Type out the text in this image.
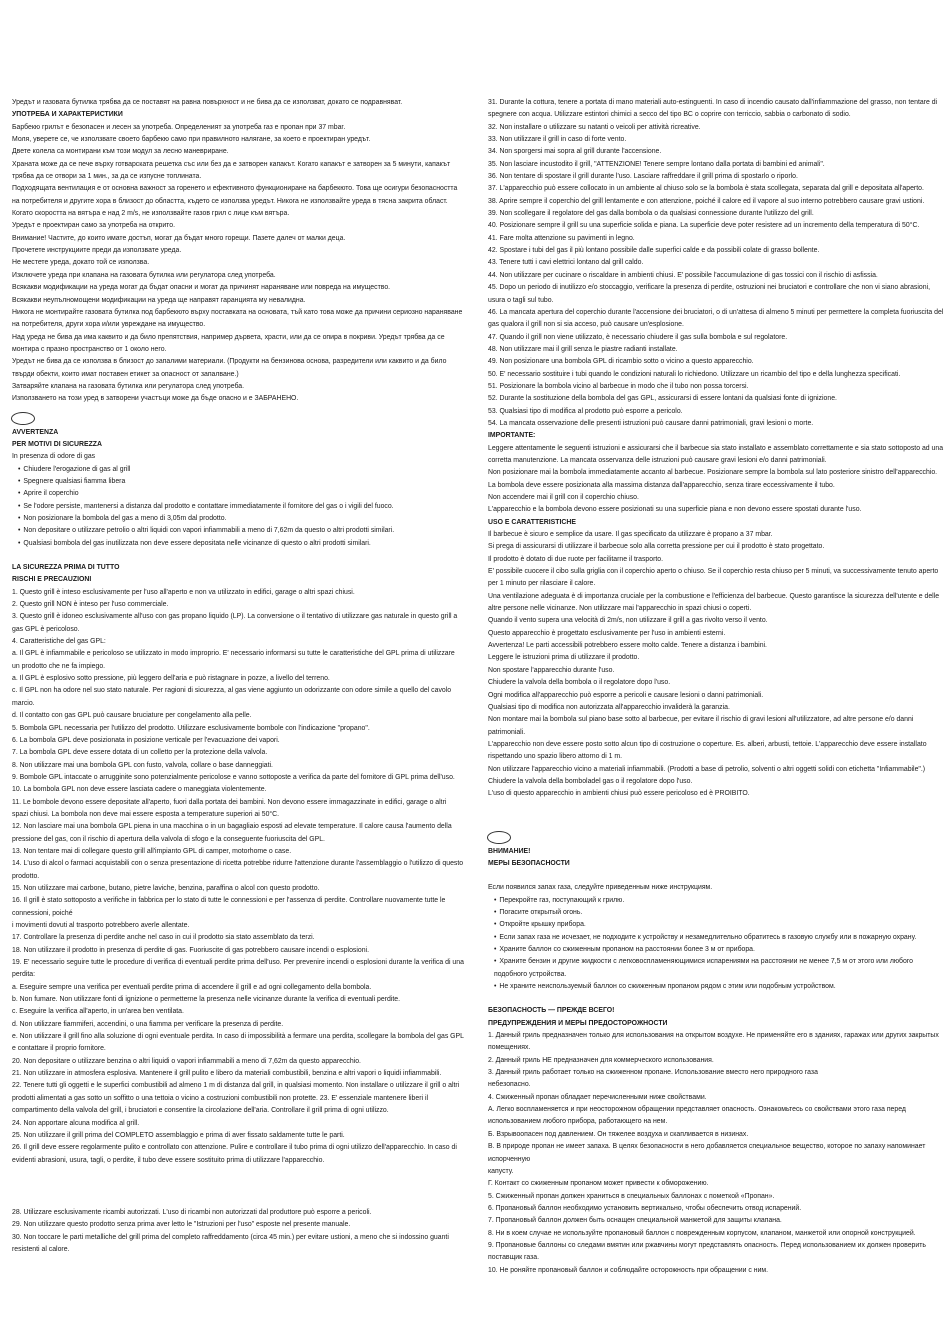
Уредът и газовата бутилка трябва да се поставят на равна повърхност и не бива да се използват, докато се подравняват.

УПОТРЕБА И ХАРАКТЕРИСТИКИ

Барбекю грилът е безопасен и лесен за употреба. Определеният за употреба газ е пропан при 37 mbar.

Моля, уверете се, че използвате своето барбекю само при правилното налягане, за което е проектиран уредът.

Двете колела са монтирани към този модул за лесно маневриране.

Храната може да се пече върху готварската решетка със или без да е затворен капакът. Когато капакът е затворен за 5 минути, капакът трябва да се отвори за 1 мин., за да се изпусне топлината.

Подходящата вентилация е от основна важност за горенето и ефективното функциониране на барбекюто. Това ще осигури безопасността на потребителя и другите хора в близост до областта, където се използва уредът. Никога не използвайте уреда в тясна закрита област.

Когато скоростта на вятъра е над 2 m/s, не използвайте газов грил с лице към вятъра.

Уредът е проектиран само за употреба на открито.

Внимание! Частите, до които имате достъп, могат да бъдат много горещи. Пазете далеч от малки деца.

Прочетете инструкциите преди да използвате уреда.

Не местете уреда, докато той се използва.

Изключете уреда при клапана на газовата бутилка или регулатора след употреба.

Всякакви модификации на уреда могат да бъдат опасни и могат да причинят нараняване или повреда на имущество.

Всякакви неупълномощени модификации на уреда ще направят гаранцията му невалидна.

Никога не монтирайте газовата бутилка под барбекюто върху поставката на основата, тъй като това може да причини сериозно нараняване на потребителя, други хора и/или увреждане на имущество.

Над уреда не бива да има каквито и да било препятствия, например дървета, храсти, или да се опира в покриви. Уредът трябва да се монтира с празно пространство от 1 около него.

Уредът не бива да се използва в близост до запалими материали. (Продукти на бензинова основа, разредители или каквито и да било твърди обекти, които имат поставен етикет за опасност от запалване.)

Затваряйте клапана на газовата бутилка или регулатора след употреба.

Използването на този уред в затворени участъци може да бъде опасно и е ЗАБРАНЕНО.

AVVERTENZA

PER MOTIVI DI SICUREZZA

In presenza di odore di gas

• Chiudere l'erogazione di gas al grill
• Spegnere qualsiasi fiamma libera
• Aprire il coperchio
• Se l'odore persiste, mantenersi a distanza dal prodotto e contattare immediatamente il fornitore del gas o i vigili del fuoco.
• Non posizionare la bombola del gas a meno di 3,05m dal prodotto.
• Non depositare o utilizzare petrolio o altri liquidi con vapori infiammabili a meno di 7,62m da questo o altri prodotti similari.
• Qualsiasi bombola del gas inutilizzata non deve essere depositata nelle vicinanze di questo o altri prodotti similari.

LA SICUREZZA PRIMA DI TUTTO

RISCHI E PRECAUZIONI

1. Questo grill è inteso esclusivamente per l'uso all'aperto e non va utilizzato in edifici, garage o altri spazi chiusi.

2. Questo grill NON è inteso per l'uso commerciale.

3. Questo grill è idoneo esclusivamente all'uso con gas propano liquido (LP). La conversione o il tentativo di utilizzare gas naturale in questo grill a gas GPL è pericoloso.

4. Caratteristiche del gas GPL:

a. Il GPL è infiammabile e pericoloso se utilizzato in modo improprio. E' necessario informarsi su tutte le caratteristiche del GPL prima di utilizzare un prodotto che ne fa impiego.

a. Il GPL è esplosivo sotto pressione, più leggero dell'aria e può ristagnare in pozze, a livello del terreno.

c. Il GPL non ha odore nel suo stato naturale. Per ragioni di sicurezza, al gas viene aggiunto un odorizzante con odore simile a quello del cavolo marcio.

d. Il contatto con gas GPL può causare bruciature per congelamento alla pelle.

5. Bombola GPL necessaria per l'utilizzo del prodotto. Utilizzare esclusivamente bombole con l'indicazione "propano".

6. La bombola GPL deve posizionata in posizione verticale per l'evacuazione dei vapori.

7. La bombola GPL deve essere dotata di un colletto per la protezione della valvola.

8. Non utilizzare mai una bombola GPL con fusto, valvola, collare o base danneggiati.

9. Bombole GPL intaccate o arrugginite sono potenzialmente pericolose e vanno sottoposte a verifica da parte del fornitore di GPL prima dell'uso.

10. La bombola GPL non deve essere lasciata cadere o maneggiata violentemente.

11. Le bombole devono essere depositate all'aperto, fuori dalla portata dei bambini. Non devono essere immagazzinate in edifici, garage o altri spazi chiusi. La bombola non deve mai essere esposta a temperature superiori ai 50°C.

12. Non lasciare mai una bombola GPL piena in una macchina o in un bagagliaio esposti ad elevate temperature. Il calore causa l'aumento della pressione del gas, con il rischio di apertura della valvola di sfogo e la conseguente fuoriuscita del GPL.

13. Non tentare mai di collegare questo grill all'impianto GPL di camper, motorhome o case.

14. L'uso di alcol o farmaci acquistabili con o senza presentazione di ricetta potrebbe ridurre l'attenzione durante l'assemblaggio o l'utilizzo di questo prodotto.

15. Non utilizzare mai carbone, butano, pietre laviche, benzina, paraffina o alcol con questo prodotto.

16. Il grill è stato sottoposto a verifiche in fabbrica per lo stato di tutte le connessioni e per l'assenza di perdite. Controllare nuovamente tutte le connessioni, poiché

i movimenti dovuti al trasporto potrebbero averle allentate.

17. Controllare la presenza di perdite anche nel caso in cui il prodotto sia stato assemblato da terzi.

18. Non utilizzare il prodotto in presenza di perdite di gas. Fuoriuscite di gas potrebbero causare incendi o esplosioni.

19. E' necessario seguire tutte le procedure di verifica di eventuali perdite prima dell'uso. Per prevenire incendi o esplosioni durante la verifica di una perdita:

a. Eseguire sempre una verifica per eventuali perdite prima di accendere il grill e ad ogni collegamento della bombola.

b. Non fumare. Non utilizzare fonti di ignizione o permetterne la presenza nelle vicinanze durante la verifica di eventuali perdite.

c. Eseguire la verifica all'aperto, in un'area ben ventilata.

d. Non utilizzare fiammiferi, accendini, o una fiamma per verificare la presenza di perdite.

e. Non utilizzare il grill fino alla soluzione di ogni eventuale perdita. In caso di impossibilità a fermare una perdita, scollegare la bombola del gas GPL e contattare il proprio fornitore.

20. Non depositare o utilizzare benzina o altri liquidi o vapori infiammabili a meno di 7,62m da questo apparecchio.

21. Non utilizzare in atmosfera esplosiva. Mantenere il grill pulito e libero da materiali combustibili, benzina e altri vapori o liquidi infiammabili.

22. Tenere tutti gli oggetti e le superfici combustibili ad almeno 1 m di distanza dal grill, in qualsiasi momento. Non installare o utilizzare il grill o altri prodotti alimentati a gas sotto un soffitto o una tettoia o vicino a costruzioni combustibili non protette. 23. E' essenziale mantenere liberi il compartimento della valvola del grill, i bruciatori e consentire la circolazione dell'aria. Controllare il grill prima di ogni utilizzo.

24. Non apportare alcuna modifica al grill.

25. Non utilizzare il grill prima del COMPLETO assemblaggio e prima di aver fissato saldamente tutte le parti.

26. Il grill deve essere regolarmente pulito e controllato con attenzione. Pulire e controllare il tubo prima di ogni utilizzo dell'apparecchio. In caso di evidenti abrasioni, usura, tagli, o perdite, il tubo deve essere sostituito prima di utilizzare l'apparecchio.

28. Utilizzare esclusivamente ricambi autorizzati. L'uso di ricambi non autorizzati dal produttore può esporre a pericoli.

29. Non utilizzare questo prodotto senza prima aver letto le "Istruzioni per l'uso" esposte nel presente manuale.

30. Non toccare le parti metalliche del grill prima del completo raffreddamento (circa 45 min.) per evitare ustioni, a meno che si indossino guanti resistenti al calore.

31. Durante la cottura, tenere a portata di mano materiali auto-estinguenti. In caso di incendio causato dall'infiammazione del grasso, non tentare di spegnere con acqua. Utilizzare estintori chimici a secco del tipo BC o coprire con terriccio, sabbia o carbonato di sodio.

32. Non installare o utilizzare su natanti o veicoli per attività ricreative.

33. Non utilizzare il grill in caso di forte vento.

34. Non sporgersi mai sopra al grill durante l'accensione.

35. Non lasciare incustodito il grill, "ATTENZIONE! Tenere sempre lontano dalla portata di bambini ed animali".

36. Non tentare di spostare il grill durante l'uso. Lasciare raffreddare il grill prima di spostarlo o riporlo.

37. L'apparecchio può essere collocato in un ambiente al chiuso solo se la bombola è stata scollegata, separata dal grill e depositata all'aperto.

38. Aprire sempre il coperchio del grill lentamente e con attenzione, poiché il calore ed il vapore al suo interno potrebbero causare gravi ustioni.

39. Non scollegare il regolatore del gas dalla bombola o da qualsiasi connessione durante l'utilizzo del grill.

40. Posizionare sempre il grill su una superficie solida e piana. La superficie deve poter resistere ad un incremento della temperatura di 50°C.

41. Fare molta attenzione su pavimenti in legno.

42. Spostare i tubi del gas il più lontano possibile dalle superfici calde e da possibili colate di grasso bollente.

43. Tenere tutti i cavi elettrici lontano dal grill caldo.

44. Non utilizzare per cucinare o riscaldare in ambienti chiusi. E' possibile l'accumulazione di gas tossici con il rischio di asfissia.

45. Dopo un periodo di inutilizzo e/o stoccaggio, verificare la presenza di perdite, ostruzioni nei bruciatori e controllare che non vi siano abrasioni, usura o tagli sul tubo.

46. La mancata apertura del coperchio durante l'accensione dei bruciatori, o di un'attesa di almeno 5 minuti per permettere la completa fuoriuscita del gas qualora il grill non si sia acceso, può causare un'esplosione.

47. Quando il grill non viene utilizzato, è necessario chiudere il gas sulla bombola e sul regolatore.

48. Non utilizzare mai il grill senza le piastre radianti installate.

49. Non posizionare una bombola GPL di ricambio sotto o vicino a questo apparecchio.

50. E' necessario sostituire i tubi quando le condizioni naturali lo richiedono. Utilizzare un ricambio del tipo e della lunghezza specificati.

51. Posizionare la bombola vicino al barbecue in modo che il tubo non possa torcersi.

52. Durante la sostituzione della bombola del gas GPL, assicurarsi di essere lontani da qualsiasi fonte di ignizione.

53. Qualsiasi tipo di modifica al prodotto può esporre a pericolo.

54. La mancata osservazione delle presenti istruzioni può causare danni patrimoniali, gravi lesioni o morte.

IMPORTANTE:

Leggere attentamente le seguenti istruzioni e assicurarsi che il barbecue sia stato installato e assemblato correttamente e sia stato sottoposto ad una corretta manutenzione. La mancata osservanza delle istruzioni può causare gravi lesioni e/o danni patrimoniali.

Non posizionare mai la bombola immediatamente accanto al barbecue. Posizionare sempre la bombola sul lato posteriore sinistro dell'apparecchio.

La bombola deve essere posizionata alla massima distanza dall'apparecchio, senza tirare eccessivamente il tubo.

Non accendere mai il grill con il coperchio chiuso.

L'apparecchio e la bombola devono essere posizionati su una superficie piana e non devono essere spostati durante l'uso.

USO E CARATTERISTICHE

Il barbecue è sicuro e semplice da usare. Il gas specificato da utilizzare è propano a 37 mbar.

Si prega di assicurarsi di utilizzare il barbecue solo alla corretta pressione per cui il prodotto è stato progettato.

Il prodotto è dotato di due ruote per facilitarne il trasporto.

E' possibile cuocere il cibo sulla griglia con il coperchio aperto o chiuso. Se il coperchio resta chiuso per 5 minuti, va successivamente tenuto aperto per 1 minuto per rilasciare il calore.

Una ventilazione adeguata è di importanza cruciale per la combustione e l'efficienza del barbecue. Questo garantisce la sicurezza dell'utente e delle altre persone nelle vicinanze. Non utilizzare mai l'apparecchio in spazi chiusi o coperti.

Quando il vento supera una velocità di 2m/s, non utilizzare il grill a gas rivolto verso il vento.

Questo apparecchio è progettato esclusivamente per l'uso in ambienti esterni.

Avvertenza! Le parti accessibili potrebbero essere molto calde. Tenere a distanza i bambini.

Leggere le istruzioni prima di utilizzare il prodotto.

Non spostare l'apparecchio durante l'uso.

Chiudere la valvola della bombola o il regolatore dopo l'uso.

Ogni modifica all'apparecchio può esporre a pericoli e causare lesioni o danni patrimoniali.

Qualsiasi tipo di modifica non autorizzata all'apparecchio invaliderà la garanzia.

Non montare mai la bombola sul piano base sotto al barbecue, per evitare il rischio di gravi lesioni all'utilizzatore, ad altre persone e/o danni patrimoniali.

L'apparecchio non deve essere posto sotto alcun tipo di costruzione o coperture. Es. alberi, arbusti, tettoie. L'apparecchio deve essere installato rispettando uno spazio libero attorno di 1 m.

Non utilizzare l'apparecchio vicino a materiali infiammabili. (Prodotti a base di petrolio, solventi o altri oggetti solidi con etichetta "Infiammabile".)

Chiudere la valvola della bomboladel gas o il regolatore dopo l'uso.

L'uso di questo apparecchio in ambienti chiusi può essere pericoloso ed è PROIBITO.

ВНИМАНИЕ!

МЕРЫ БЕЗОПАСНОСТИ

Если появился запах газа, следуйте приведенным ниже инструкциям.

• Перекройте газ, поступающий к грилю.
• Погасите открытый огонь.
• Откройте крышку прибора.
• Если запах газа не исчезает, не подходите к устройству и незамедлительно обратитесь в газовую службу или в пожарную охрану.
• Храните баллон со сжиженным пропаном на расстоянии более 3 м от прибора.
• Храните бензин и другие жидкости с легковоспламеняющимися испарениями на расстоянии не менее 7,5 м от этого или любого подобного устройства.
• Не храните неиспользуемый баллон со сжиженным пропаном рядом с этим или подобным устройством.

БЕЗОПАСНОСТЬ — ПРЕЖДЕ ВСЕГО!

ПРЕДУПРЕЖДЕНИЯ И МЕРЫ ПРЕДОСТОРОЖНОСТИ

1. Данный гриль предназначен только для использования на открытом воздухе. Не применяйте его в зданиях, гаражах или других закрытых помещениях.

2. Данный гриль НЕ предназначен для коммерческого использования.

3. Данный гриль работает только на сжиженном пропане. Использование вместо него природного газа

небезопасно.

4. Сжиженный пропан обладает перечисленными ниже свойствами.

А. Легко воспламеняется и при неосторожном обращении представляет опасность. Ознакомьтесь со свойствами этого газа перед использованием любого прибора, работающего на нем.

Б. Взрывоопасен под давлением. Он тяжелее воздуха и скапливается в низинах.

В. В природе пропан не имеет запаха. В целях безопасности в него добавляется специальное вещество, которое по запаху напоминает испорченную

капусту.

Г. Контакт со сжиженным пропаном может привести к обморожению.

5. Сжиженный пропан должен храниться в специальных баллонах с пометкой «Пропан».

6. Пропановый баллон необходимо установить вертикально, чтобы обеспечить отвод испарений.

7. Пропановый баллон должен быть оснащен специальной манжетой для защиты клапана.

8. Ни в коем случае не используйте пропановый баллон с поврежденным корпусом, клапаном, манжетой или опорной конструкцией.

9. Пропановые баллоны со следами вмятин или ржавчины могут представлять опасность. Перед использованием их должен проверить поставщик газа.

10. Не роняйте пропановый баллон и соблюдайте осторожность при обращении с ним.
